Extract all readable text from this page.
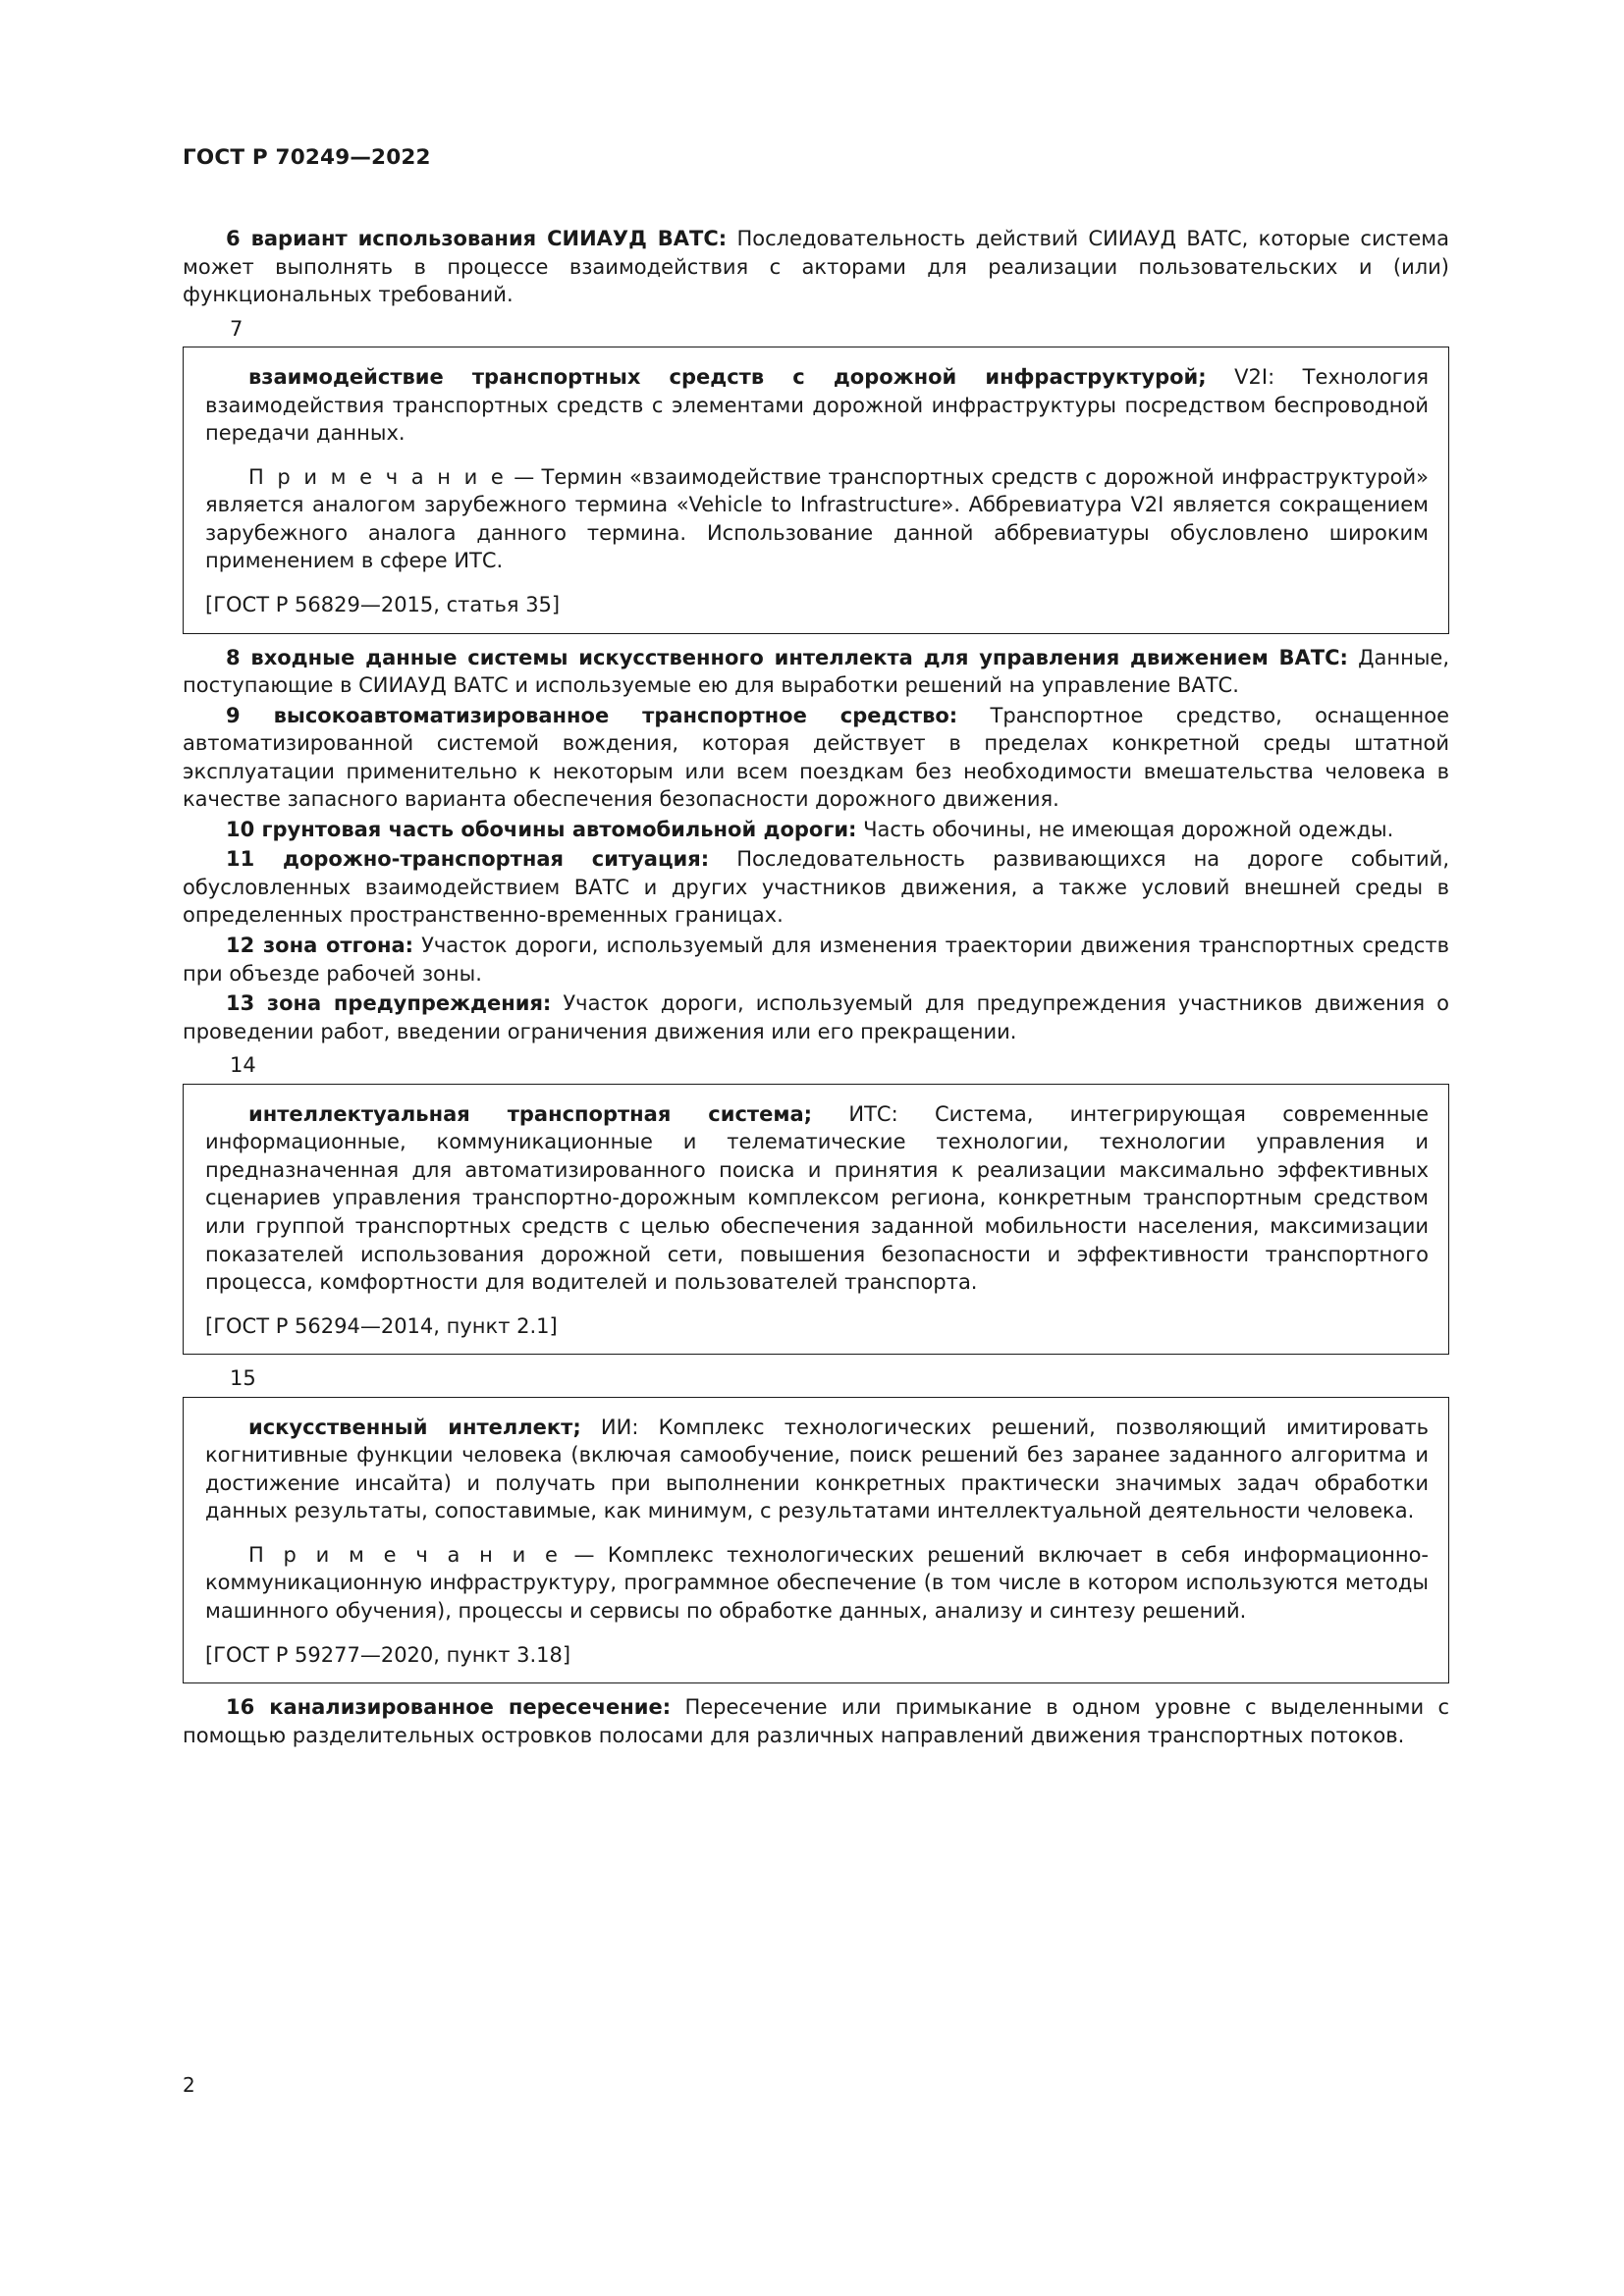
ГОСТ Р 70249—2022

6 вариант использования СИИАУД ВАТС: Последовательность действий СИИАУД ВАТС, которые система может выполнять в процессе взаимодействия с акторами для реализации пользовательских и (или) функциональных требований.

7

взаимодействие транспортных средств с дорожной инфраструктурой; V2I: Технология взаимодействия транспортных средств с элементами дорожной инфраструктуры посредством беспроводной передачи данных.

П р и м е ч а н и е — Термин «взаимодействие транспортных средств с дорожной инфраструктурой» является аналогом зарубежного термина «Vehicle to Infrastructure». Аббревиатура V2I является сокращением зарубежного аналога данного термина. Использование данной аббревиатуры обусловлено широким применением в сфере ИТС.

[ГОСТ Р 56829—2015, статья 35]

8 входные данные системы искусственного интеллекта для управления движением ВАТС: Данные, поступающие в СИИАУД ВАТС и используемые ею для выработки решений на управление ВАТС.

9 высокоавтоматизированное транспортное средство: Транспортное средство, оснащенное автоматизированной системой вождения, которая действует в пределах конкретной среды штатной эксплуатации применительно к некоторым или всем поездкам без необходимости вмешательства человека в качестве запасного варианта обеспечения безопасности дорожного движения.

10 грунтовая часть обочины автомобильной дороги: Часть обочины, не имеющая дорожной одежды.

11 дорожно-транспортная ситуация: Последовательность развивающихся на дороге событий, обусловленных взаимодействием ВАТС и других участников движения, а также условий внешней среды в определенных пространственно-временных границах.

12 зона отгона: Участок дороги, используемый для изменения траектории движения транспортных средств при объезде рабочей зоны.

13 зона предупреждения: Участок дороги, используемый для предупреждения участников движения о проведении работ, введении ограничения движения или его прекращении.

14

интеллектуальная транспортная система; ИТС: Система, интегрирующая современные информационные, коммуникационные и телематические технологии, технологии управления и предназначенная для автоматизированного поиска и принятия к реализации максимально эффективных сценариев управления транспортно-дорожным комплексом региона, конкретным транспортным средством или группой транспортных средств с целью обеспечения заданной мобильности населения, максимизации показателей использования дорожной сети, повышения безопасности и эффективности транспортного процесса, комфортности для водителей и пользователей транспорта.

[ГОСТ Р 56294—2014, пункт 2.1]

15

искусственный интеллект; ИИ: Комплекс технологических решений, позволяющий имитировать когнитивные функции человека (включая самообучение, поиск решений без заранее заданного алгоритма и достижение инсайта) и получать при выполнении конкретных практически значимых задач обработки данных результаты, сопоставимые, как минимум, с результатами интеллектуальной деятельности человека.

П р и м е ч а н и е — Комплекс технологических решений включает в себя информационно-коммуникационную инфраструктуру, программное обеспечение (в том числе в котором используются методы машинного обучения), процессы и сервисы по обработке данных, анализу и синтезу решений.

[ГОСТ Р 59277—2020, пункт 3.18]

16 канализированное пересечение: Пересечение или примыкание в одном уровне с выделенными с помощью разделительных островков полосами для различных направлений движения транспортных потоков.

2
